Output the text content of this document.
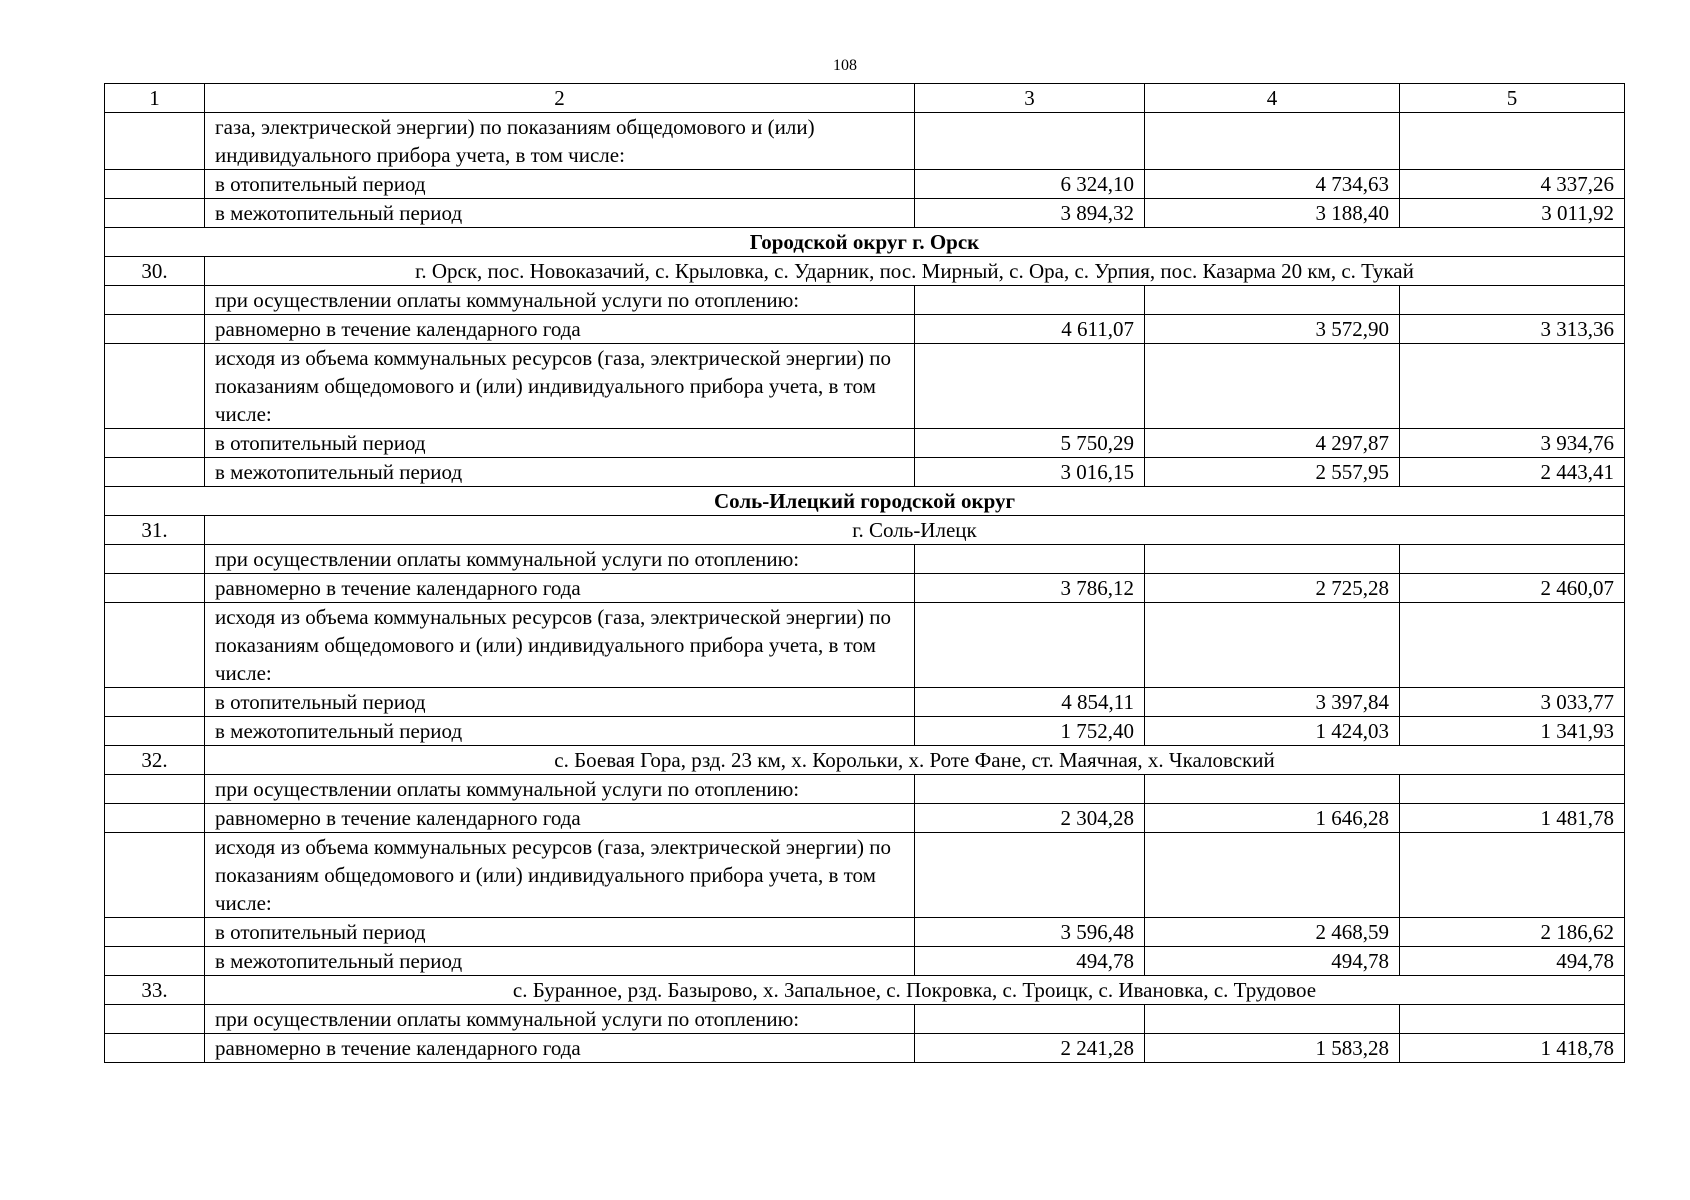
108
1	2	3	4	5
	газа, электрической энергии) по показаниям общедомового и (или) индивидуального прибора учета, в том числе:			
	в отопительный период	6 324,10	4 734,63	4 337,26
	в межотопительный период	3 894,32	3 188,40	3 011,92
Городской округ г. Орск				
30.	г. Орск, пос. Новоказачий, с. Крыловка, с. Ударник, пос. Мирный, с. Ора, с. Урпия, пос. Казарма 20 км, с. Тукай			
	при осуществлении оплаты коммунальной услуги по отоплению:			
	равномерно в течение календарного года	4 611,07	3 572,90	3 313,36
	исходя из объема коммунальных ресурсов (газа, электрической энергии) по показаниям общедомового и (или) индивидуального прибора учета, в том числе:			
	в отопительный период	5 750,29	4 297,87	3 934,76
	в межотопительный период	3 016,15	2 557,95	2 443,41
Соль-Илецкий городской округ				
31.	г. Соль-Илецк			
	при осуществлении оплаты коммунальной услуги по отоплению:			
	равномерно в течение календарного года	3 786,12	2 725,28	2 460,07
	исходя из объема коммунальных ресурсов (газа, электрической энергии) по показаниям общедомового и (или) индивидуального прибора учета, в том числе:			
	в отопительный период	4 854,11	3 397,84	3 033,77
	в межотопительный период	1 752,40	1 424,03	1 341,93
32.	с. Боевая Гора, рзд. 23 км, х. Корольки, х. Роте Фане, ст. Маячная, х. Чкаловский			
	при осуществлении оплаты коммунальной услуги по отоплению:			
	равномерно в течение календарного года	2 304,28	1 646,28	1 481,78
	исходя из объема коммунальных ресурсов (газа, электрической энергии) по показаниям общедомового и (или) индивидуального прибора учета, в том числе:			
	в отопительный период	3 596,48	2 468,59	2 186,62
	в межотопительный период	494,78	494,78	494,78
33.	с. Буранное, рзд. Базырово, х. Запальное, с. Покровка, с. Троицк, с. Ивановка, с. Трудовое			
	при осуществлении оплаты коммунальной услуги по отоплению:			
	равномерно в течение календарного года	2 241,28	1 583,28	1 418,78
